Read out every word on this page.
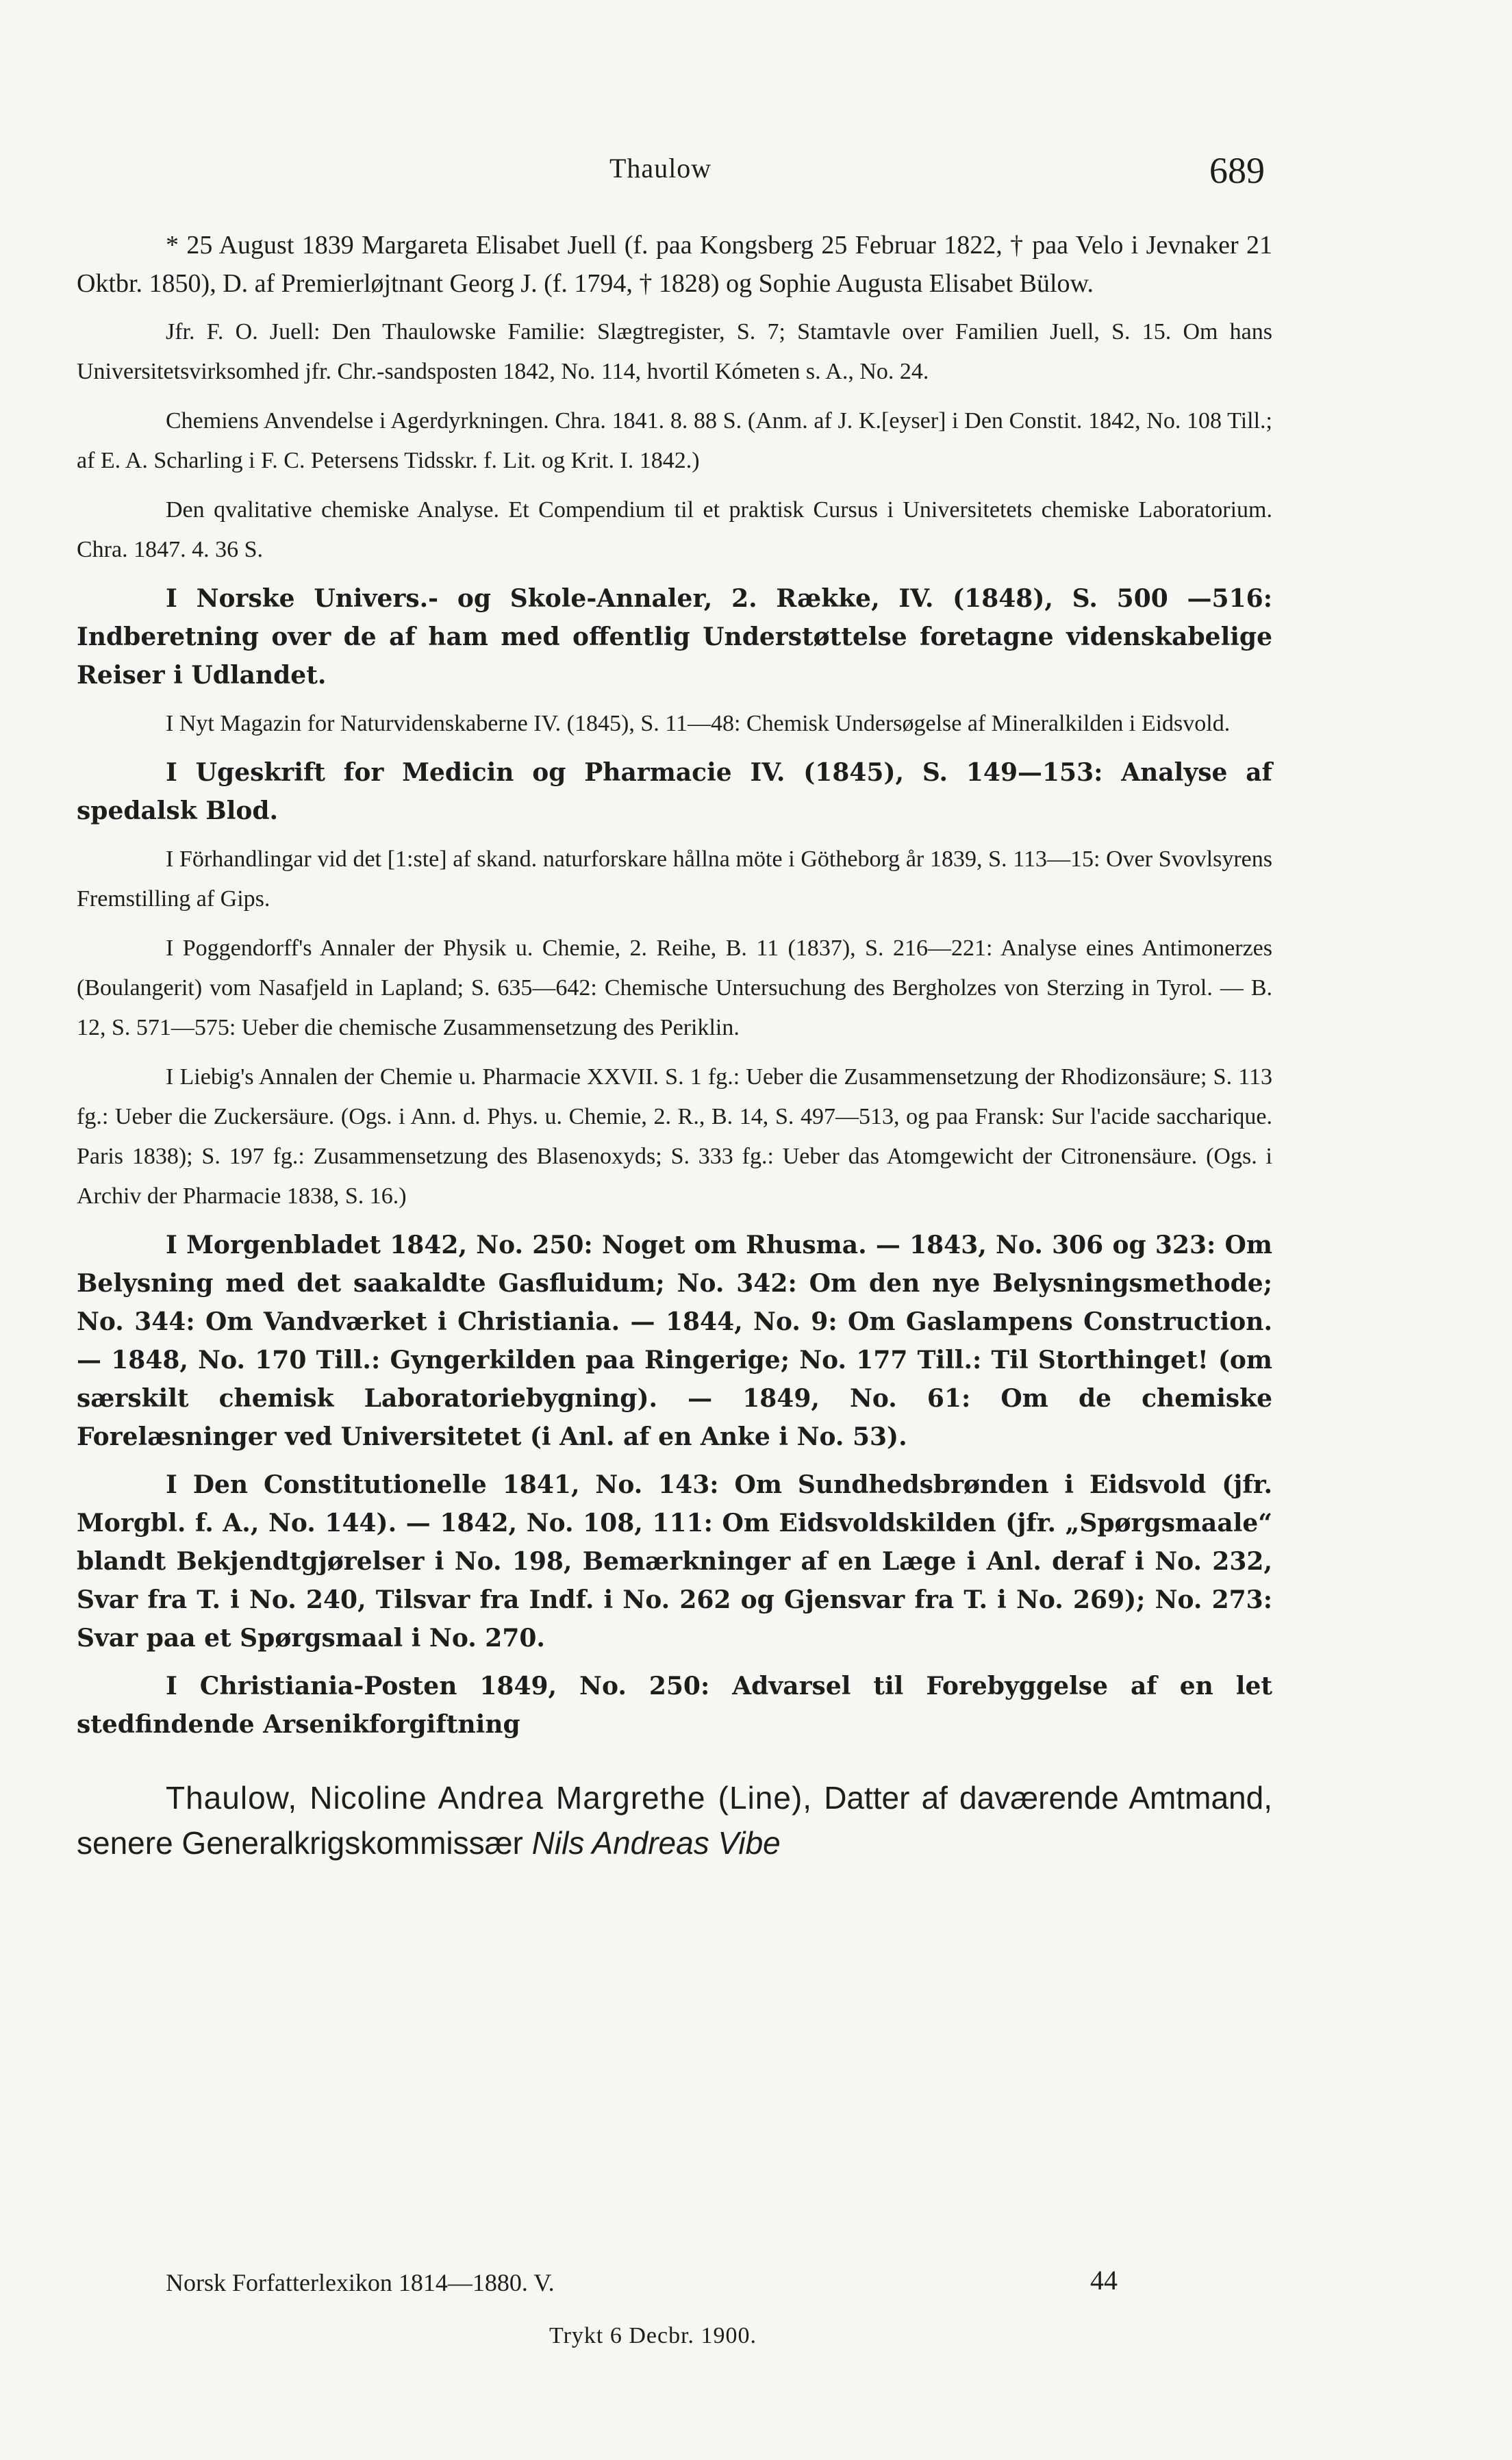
Thaulow	689

* 25 August 1839 Margareta Elisabet Juell (f. paa Kongsberg 25 Februar 1822, † paa Velo i Jevnaker 21 Oktbr. 1850), D. af Premierløjtnant Georg J. (f. 1794, † 1828) og Sophie Augusta Elisabet Bülow.

Jfr. F. O. Juell: Den Thaulowske Familie: Slægtregister, S. 7; Stamtavle over Familien Juell, S. 15. Om hans Universitetsvirksomhed jfr. Chr.-sandsposten 1842, No. 114, hvortil Kómeten s. A., No. 24.

Chemiens Anvendelse i Agerdyrkningen. Chra. 1841. 8. 88 S. (Anm. af J. K.[eyser] i Den Constit. 1842, No. 108 Till.; af E. A. Scharling i F. C. Petersens Tidsskr. f. Lit. og Krit. I. 1842.)

Den qvalitative chemiske Analyse. Et Compendium til et praktisk Cursus i Universitetets chemiske Laboratorium. Chra. 1847. 4. 36 S.

I Norske Univers.- og Skole-Annaler, 2. Række, IV. (1848), S. 500 —516: Indberetning over de af ham med offentlig Understøttelse foretagne videnskabelige Reiser i Udlandet.

I Nyt Magazin for Naturvidenskaberne IV. (1845), S. 11—48: Chemisk Undersøgelse af Mineralkilden i Eidsvold.

I Ugeskrift for Medicin og Pharmacie IV. (1845), S. 149—153: Analyse af spedalsk Blod.

I Förhandlingar vid det [1:ste] af skand. naturforskare hållna möte i Götheborg år 1839, S. 113—15: Over Svovlsyrens Fremstilling af Gips.

I Poggendorff's Annaler der Physik u. Chemie, 2. Reihe, B. 11 (1837), S. 216—221: Analyse eines Antimonerzes (Boulangerit) vom Nasafjeld in Lapland; S. 635—642: Chemische Untersuchung des Bergholzes von Sterzing in Tyrol. — B. 12, S. 571—575: Ueber die chemische Zusammensetzung des Periklin.

I Liebig's Annalen der Chemie u. Pharmacie XXVII. S. 1 fg.: Ueber die Zusammensetzung der Rhodizonsäure; S. 113 fg.: Ueber die Zuckersäure. (Ogs. i Ann. d. Phys. u. Chemie, 2. R., B. 14, S. 497—513, og paa Fransk: Sur l'acide saccharique. Paris 1838); S. 197 fg.: Zusammensetzung des Blasenoxyds; S. 333 fg.: Ueber das Atomgewicht der Citronensäure. (Ogs. i Archiv der Pharmacie 1838, S. 16.)

I Morgenbladet 1842, No. 250: Noget om Rhusma. — 1843, No. 306 og 323: Om Belysning med det saakaldte Gasfluidum; No. 342: Om den nye Belysningsmethode; No. 344: Om Vandværket i Christiania. — 1844, No. 9: Om Gaslampens Construction. — 1848, No. 170 Till.: Gyngerkilden paa Ringerige; No. 177 Till.: Til Storthinget! (om særskilt chemisk Laboratoriebygning). — 1849, No. 61: Om de chemiske Forelæsninger ved Universitetet (i Anl. af en Anke i No. 53).

I Den Constitutionelle 1841, No. 143: Om Sundhedsbrønden i Eidsvold (jfr. Morgbl. f. A., No. 144). — 1842, No. 108, 111: Om Eidsvoldskilden (jfr. „Spørgsmaale“ blandt Bekjendtgjørelser i No. 198, Bemærkninger af en Læge i Anl. deraf i No. 232, Svar fra T. i No. 240, Tilsvar fra Indf. i No. 262 og Gjensvar fra T. i No. 269); No. 273: Svar paa et Spørgsmaal i No. 270.

I Christiania-Posten 1849, No. 250: Advarsel til Forebyggelse af en let stedfindende Arsenikforgiftning

Thaulow, Nicoline Andrea Margrethe (Line), Datter af daværende Amtmand, senere Generalkrigskommissær Nils Andreas Vibe

Norsk Forfatterlexikon 1814—1880. V.	44
Trykt 6 Decbr. 1900.
